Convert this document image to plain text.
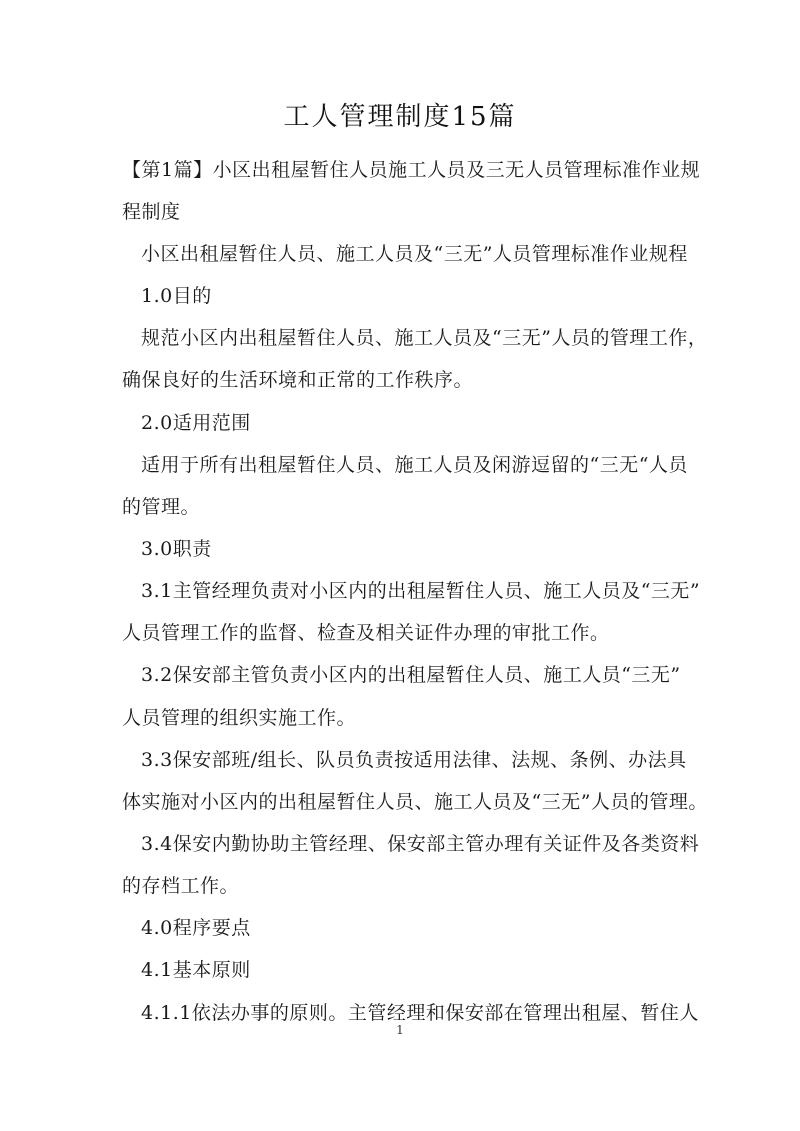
工人管理制度15篇
【第1篇】小区出租屋暂住人员施工人员及三无人员管理标准作业规
程制度
小区出租屋暂住人员、施工人员及“三无”人员管理标准作业规程
1.0目的
规范小区内出租屋暂住人员、施工人员及“三无”人员的管理工作，
确保良好的生活环境和正常的工作秩序。
2.0适用范围
适用于所有出租屋暂住人员、施工人员及闲游逗留的“三无“人员
的管理。
3.0职责
3.1主管经理负责对小区内的出租屋暂住人员、施工人员及“三无”
人员管理工作的监督、检查及相关证件办理的审批工作。
3.2保安部主管负责小区内的出租屋暂住人员、施工人员“三无”
人员管理的组织实施工作。
3.3保安部班/组长、队员负责按适用法律、法规、条例、办法具
体实施对小区内的出租屋暂住人员、施工人员及“三无”人员的管理。
3.4保安内勤协助主管经理、保安部主管办理有关证件及各类资料
的存档工作。
4.0程序要点
4.1基本原则
4.1.1依法办事的原则。主管经理和保安部在管理出租屋、暂住人
1
